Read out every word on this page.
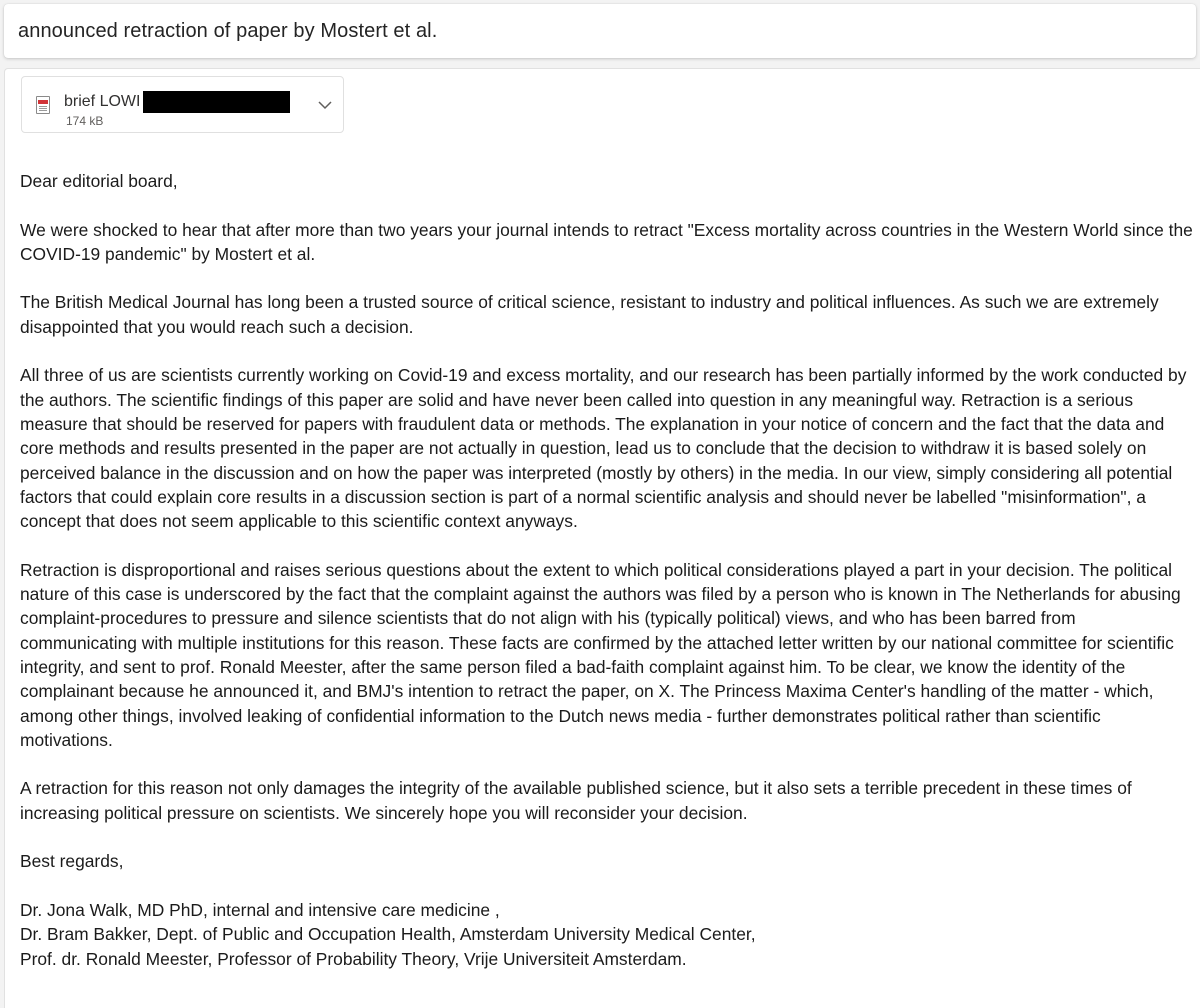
announced retraction of paper by Mostert et al.
brief LOWI
174 kB

Dear editorial board,

We were shocked to hear that after more than two years your journal intends to retract "Excess mortality across countries in the Western World since the COVID-19 pandemic" by Mostert et al.

The British Medical Journal has long been a trusted source of critical science, resistant to industry and political influences. As such we are extremely disappointed that you would reach such a decision.

All three of us are scientists currently working on Covid-19 and excess mortality, and our research has been partially informed by the work conducted by the authors. The scientific findings of this paper are solid and have never been called into question in any meaningful way. Retraction is a serious measure that should be reserved for papers with fraudulent data or methods. The explanation in your notice of concern and the fact that the data and core methods and results presented in the paper are not actually in question, lead us to conclude that the decision to withdraw it is based solely on perceived balance in the discussion and on how the paper was interpreted (mostly by others) in the media. In our view, simply considering all potential factors that could explain core results in a discussion section is part of a normal scientific analysis and should never be labelled "misinformation", a concept that does not seem applicable to this scientific context anyways.

Retraction is disproportional and raises serious questions about the extent to which political considerations played a part in your decision. The political nature of this case is underscored by the fact that the complaint against the authors was filed by a person who is known in The Netherlands for abusing complaint-procedures to pressure and silence scientists that do not align with his (typically political) views, and who has been barred from communicating with multiple institutions for this reason. These facts are confirmed by the attached letter written by our national committee for scientific integrity, and sent to prof. Ronald Meester, after the same person filed a bad-faith complaint against him. To be clear, we know the identity of the complainant because he announced it, and BMJ's intention to retract the paper, on X. The Princess Maxima Center's handling of the matter - which, among other things, involved leaking of confidential information to the Dutch news media - further demonstrates political rather than scientific motivations.

A retraction for this reason not only damages the integrity of the available published science, but it also sets a terrible precedent in these times of increasing political pressure on scientists. We sincerely hope you will reconsider your decision.

Best regards,

Dr. Jona Walk, MD PhD, internal and intensive care medicine ,
Dr. Bram Bakker, Dept. of Public and Occupation Health, Amsterdam University Medical Center,
Prof. dr. Ronald Meester, Professor of Probability Theory, Vrije Universiteit Amsterdam.
